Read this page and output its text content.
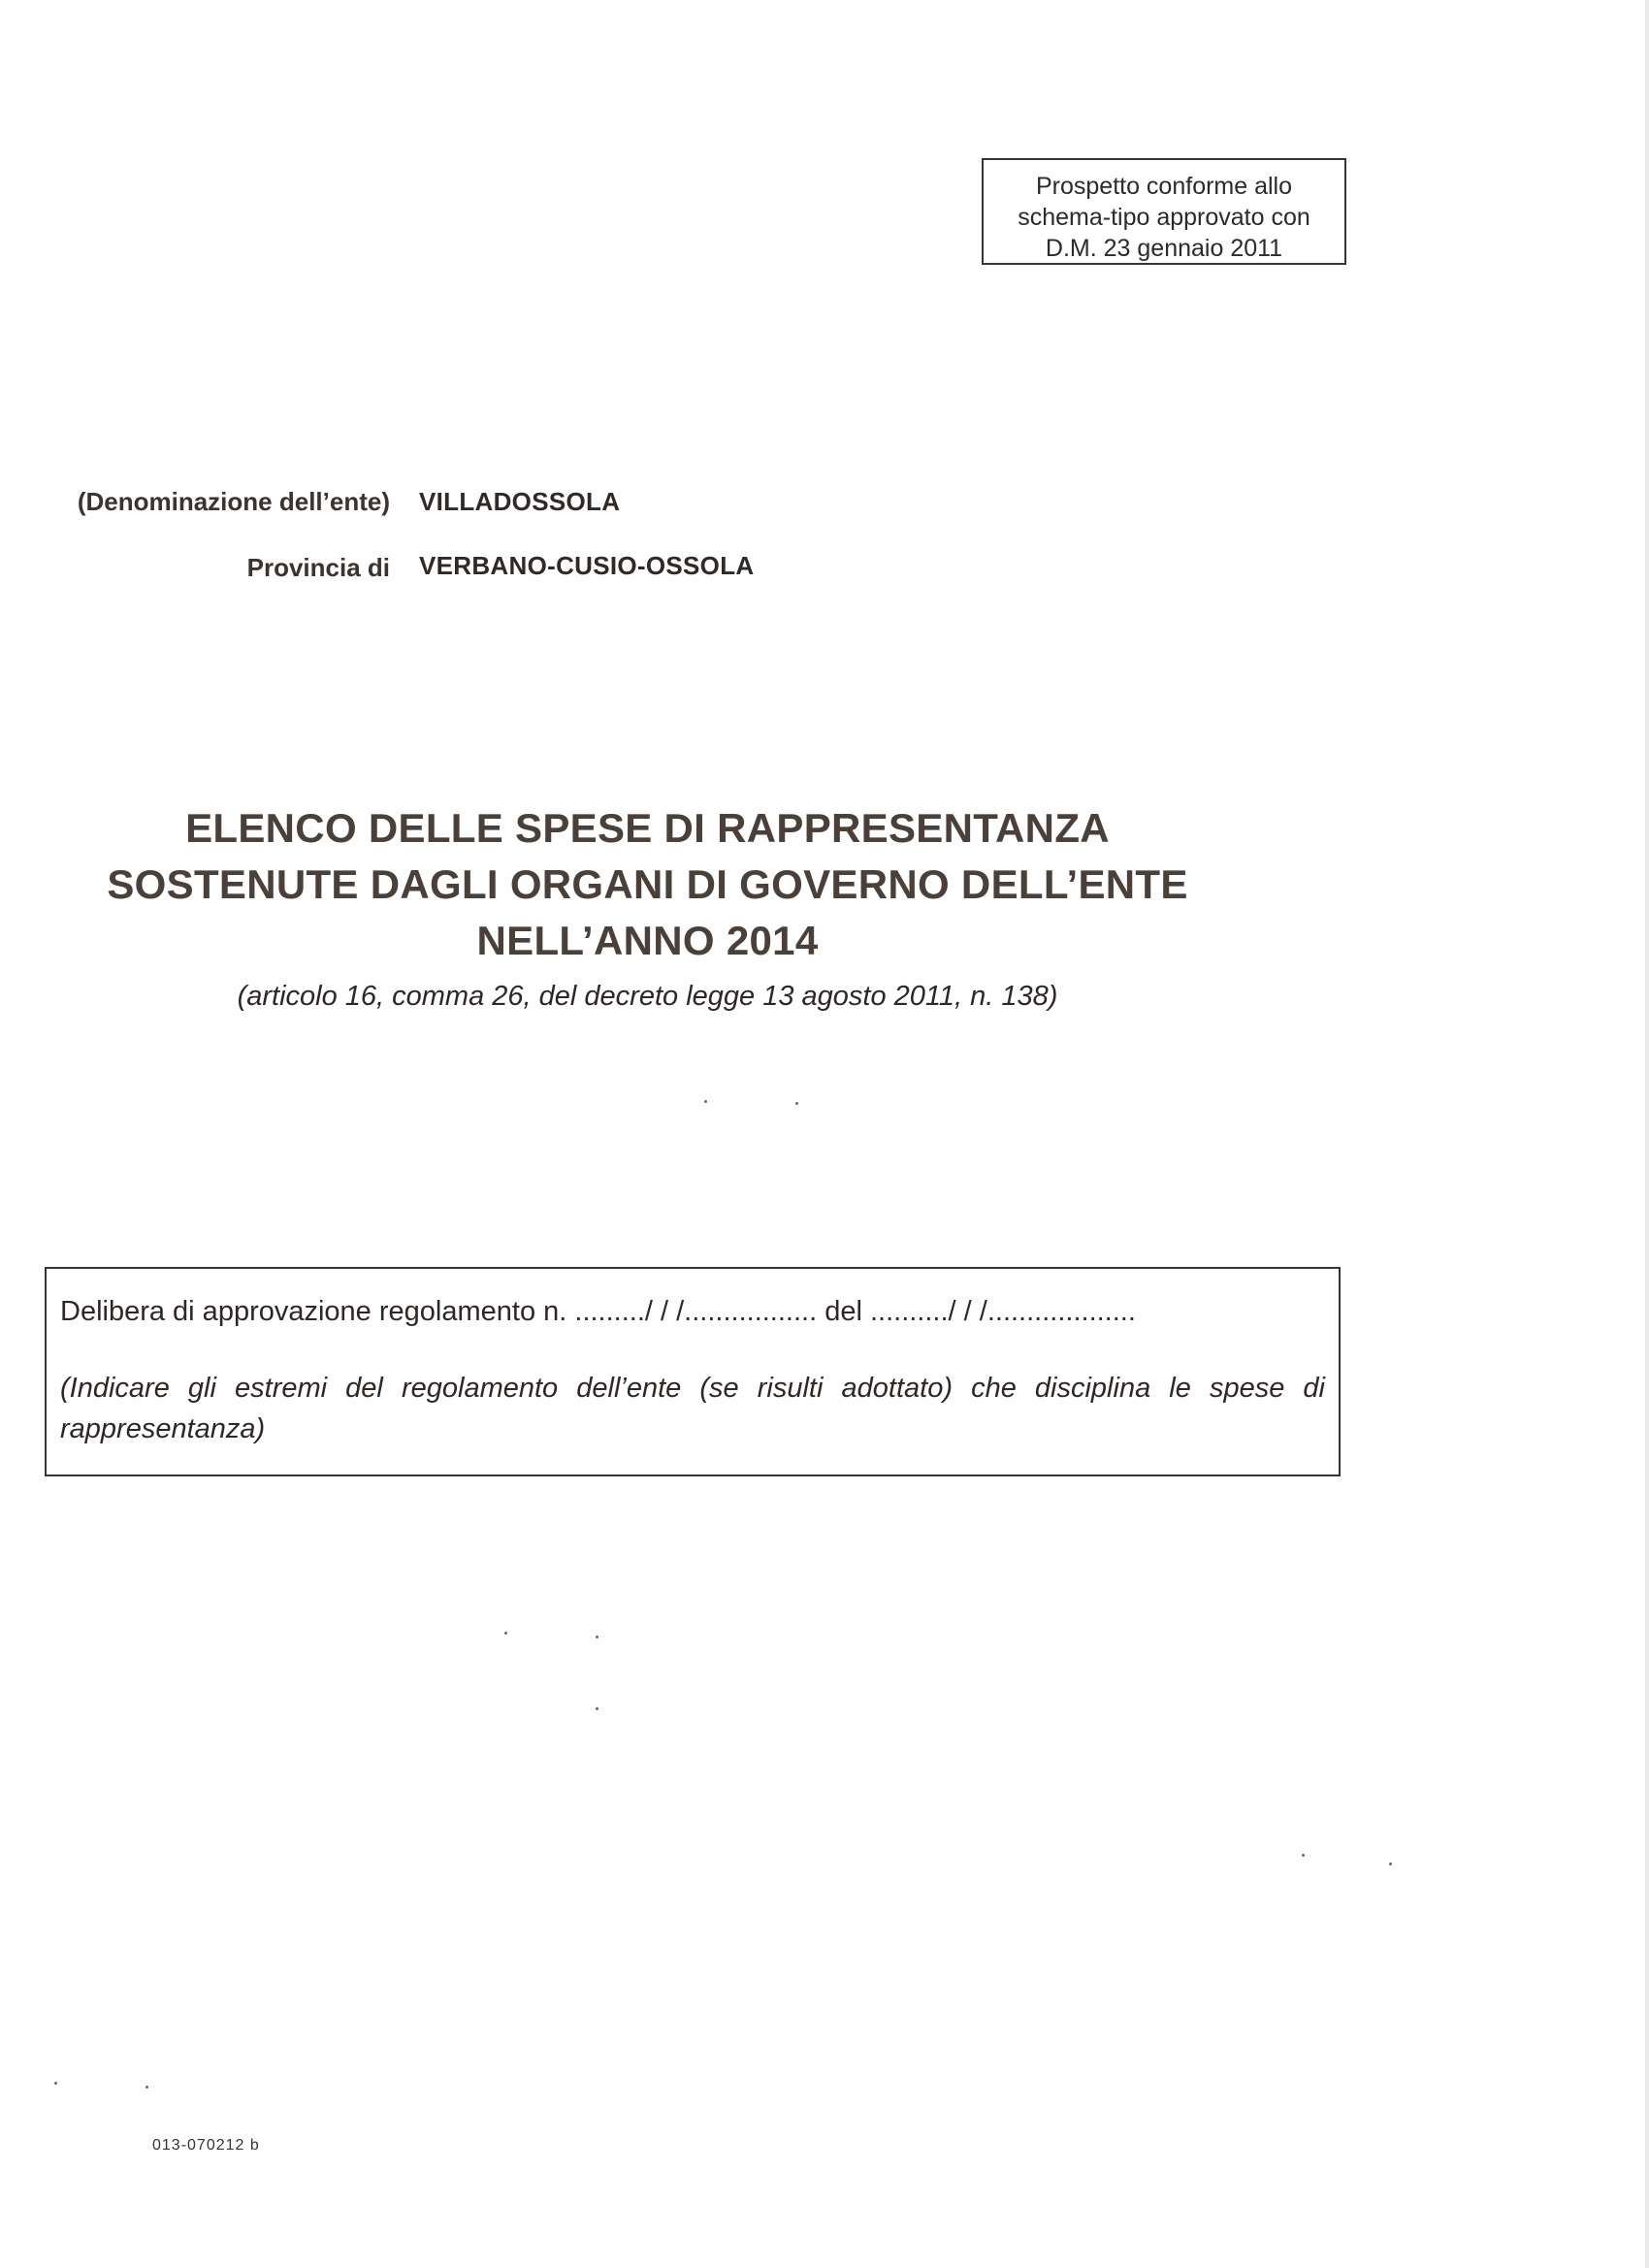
Prospetto conforme allo
schema-tipo approvato con
D.M. 23 gennaio 2011
(Denominazione dell’ente) VILLADOSSOLA
Provincia di VERBANO-CUSIO-OSSOLA
ELENCO DELLE SPESE DI RAPPRESENTANZA
SOSTENUTE DAGLI ORGANI DI GOVERNO DELL’ENTE
NELL’ANNO 2014
(articolo 16, comma 26, del decreto legge 13 agosto 2011, n. 138)
Delibera di approvazione regolamento n. ........./ / /................. del ........../ / /...................
(Indicare gli estremi del regolamento dell’ente (se risulti adottato) che disciplina le spese di rappresentanza)
013-070212 b
